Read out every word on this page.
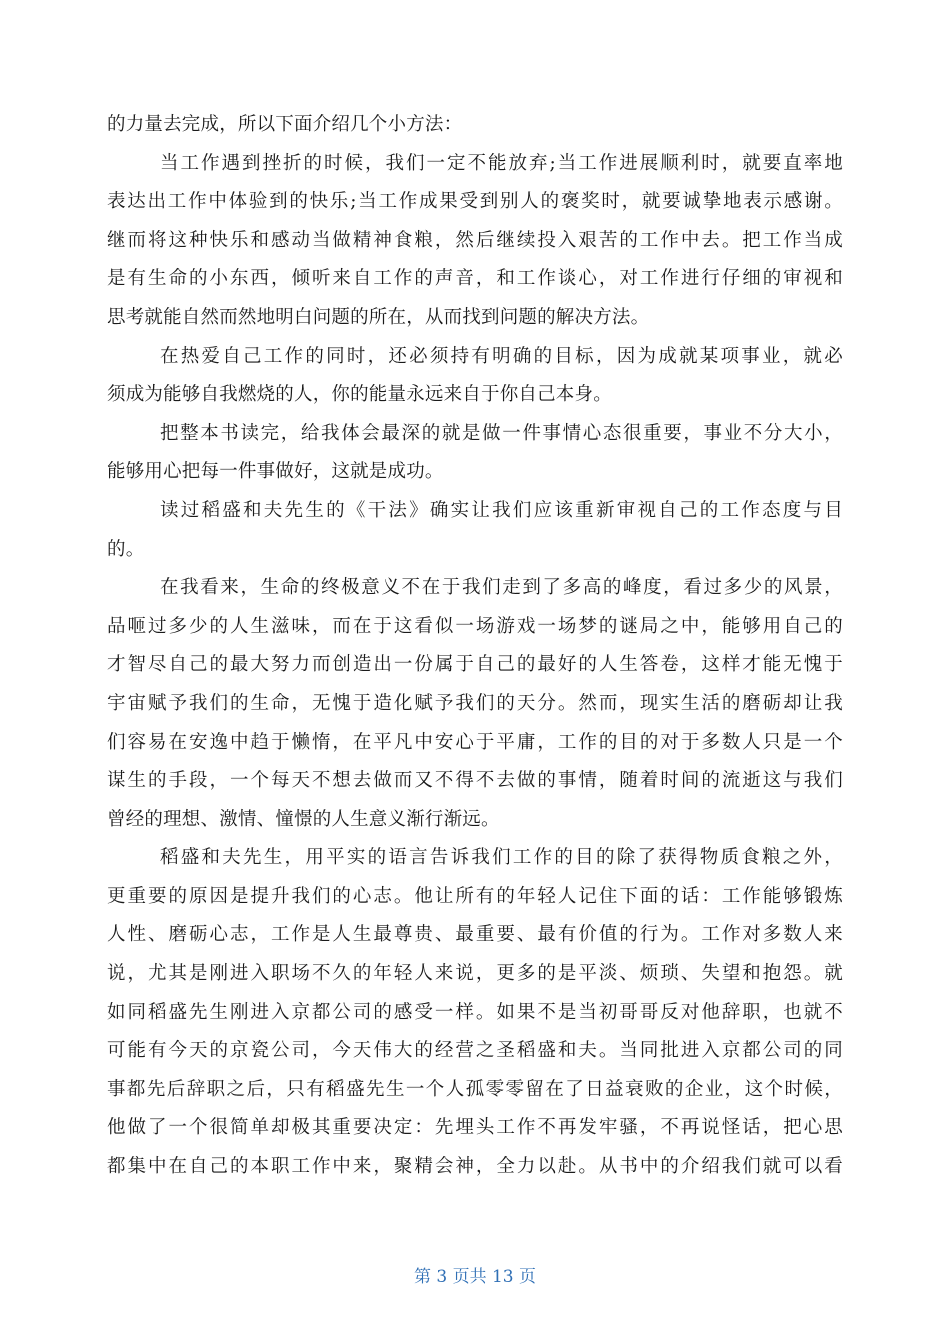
的力量去完成，所以下面介绍几个小方法：
当工作遇到挫折的时候，我们一定不能放弃;当工作进展顺利时，就要直率地
表达出工作中体验到的快乐;当工作成果受到别人的褒奖时，就要诚挚地表示感谢。
继而将这种快乐和感动当做精神食粮，然后继续投入艰苦的工作中去。把工作当成
是有生命的小东西，倾听来自工作的声音，和工作谈心，对工作进行仔细的审视和
思考就能自然而然地明白问题的所在，从而找到问题的解决方法。
在热爱自己工作的同时，还必须持有明确的目标，因为成就某项事业，就必
须成为能够自我燃烧的人，你的能量永远来自于你自己本身。
把整本书读完，给我体会最深的就是做一件事情心态很重要，事业不分大小，
能够用心把每一件事做好，这就是成功。
读过稻盛和夫先生的《干法》确实让我们应该重新审视自己的工作态度与目
的。
在我看来，生命的终极意义不在于我们走到了多高的峰度，看过多少的风景，
品咂过多少的人生滋味，而在于这看似一场游戏一场梦的谜局之中，能够用自己的
才智尽自己的最大努力而创造出一份属于自己的最好的人生答卷，这样才能无愧于
宇宙赋予我们的生命，无愧于造化赋予我们的天分。然而，现实生活的磨砺却让我
们容易在安逸中趋于懒惰，在平凡中安心于平庸，工作的目的对于多数人只是一个
谋生的手段，一个每天不想去做而又不得不去做的事情，随着时间的流逝这与我们
曾经的理想、激情、憧憬的人生意义渐行渐远。
稻盛和夫先生，用平实的语言告诉我们工作的目的除了获得物质食粮之外，
更重要的原因是提升我们的心志。他让所有的年轻人记住下面的话：工作能够锻炼
人性、磨砺心志，工作是人生最尊贵、最重要、最有价值的行为。工作对多数人来
说，尤其是刚进入职场不久的年轻人来说，更多的是平淡、烦琐、失望和抱怨。就
如同稻盛先生刚进入京都公司的感受一样。如果不是当初哥哥反对他辞职，也就不
可能有今天的京瓷公司，今天伟大的经营之圣稻盛和夫。当同批进入京都公司的同
事都先后辞职之后，只有稻盛先生一个人孤零零留在了日益衰败的企业，这个时候，
他做了一个很简单却极其重要决定：先埋头工作不再发牢骚，不再说怪话，把心思
都集中在自己的本职工作中来，聚精会神，全力以赴。从书中的介绍我们就可以看
第 3 页共 13 页
